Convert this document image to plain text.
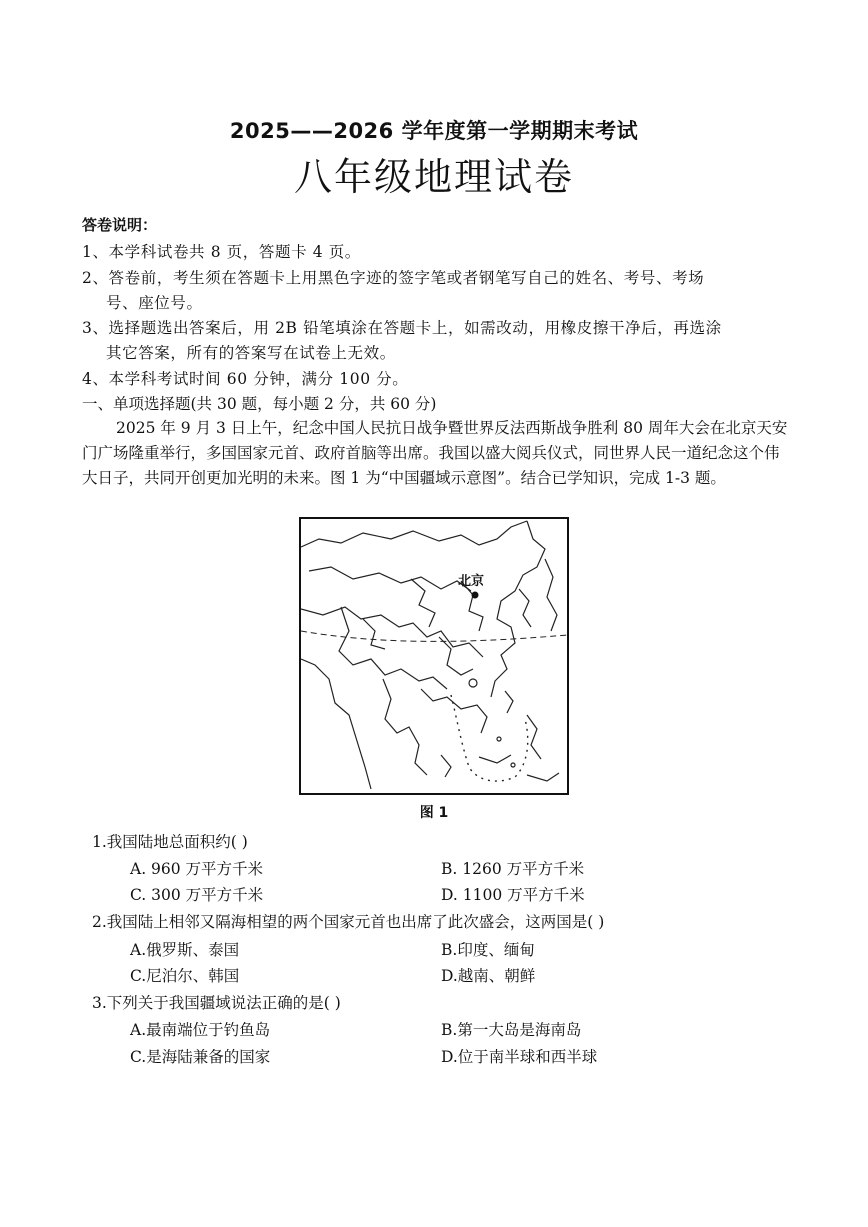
2025——2026 学年度第一学期期末考试
八年级地理试卷
答卷说明：
1、本学科试卷共 8 页，答题卡 4 页。
2、答卷前，考生须在答题卡上用黑色字迹的签字笔或者钢笔写自己的姓名、考号、考场
号、座位号。
3、选择题选出答案后，用 2B 铅笔填涂在答题卡上，如需改动，用橡皮擦干净后，再选涂
其它答案，所有的答案写在试卷上无效。
4、本学科考试时间 60 分钟，满分 100 分。
一、单项选择题(共 30 题，每小题 2 分，共 60 分)
2025 年 9 月 3 日上午，纪念中国人民抗日战争暨世界反法西斯战争胜利 80 周年大会在北京天安门广场隆重举行，多国国家元首、政府首脑等出席。我国以盛大阅兵仪式，同世界人民一道纪念这个伟大日子，共同开创更加光明的未来。图 1 为“中国疆域示意图”。结合已学知识，完成 1-3 题。
北京
图 1
1.我国陆地总面积约( )
A. 960 万平方千米	B. 1260 万平方千米
C. 300 万平方千米	D. 1100 万平方千米
2.我国陆上相邻又隔海相望的两个国家元首也出席了此次盛会，这两国是( )
A.俄罗斯、泰国	B.印度、缅甸
C.尼泊尔、韩国	D.越南、朝鲜
3.下列关于我国疆域说法正确的是( )
A.最南端位于钓鱼岛	B.第一大岛是海南岛
C.是海陆兼备的国家	D.位于南半球和西半球
